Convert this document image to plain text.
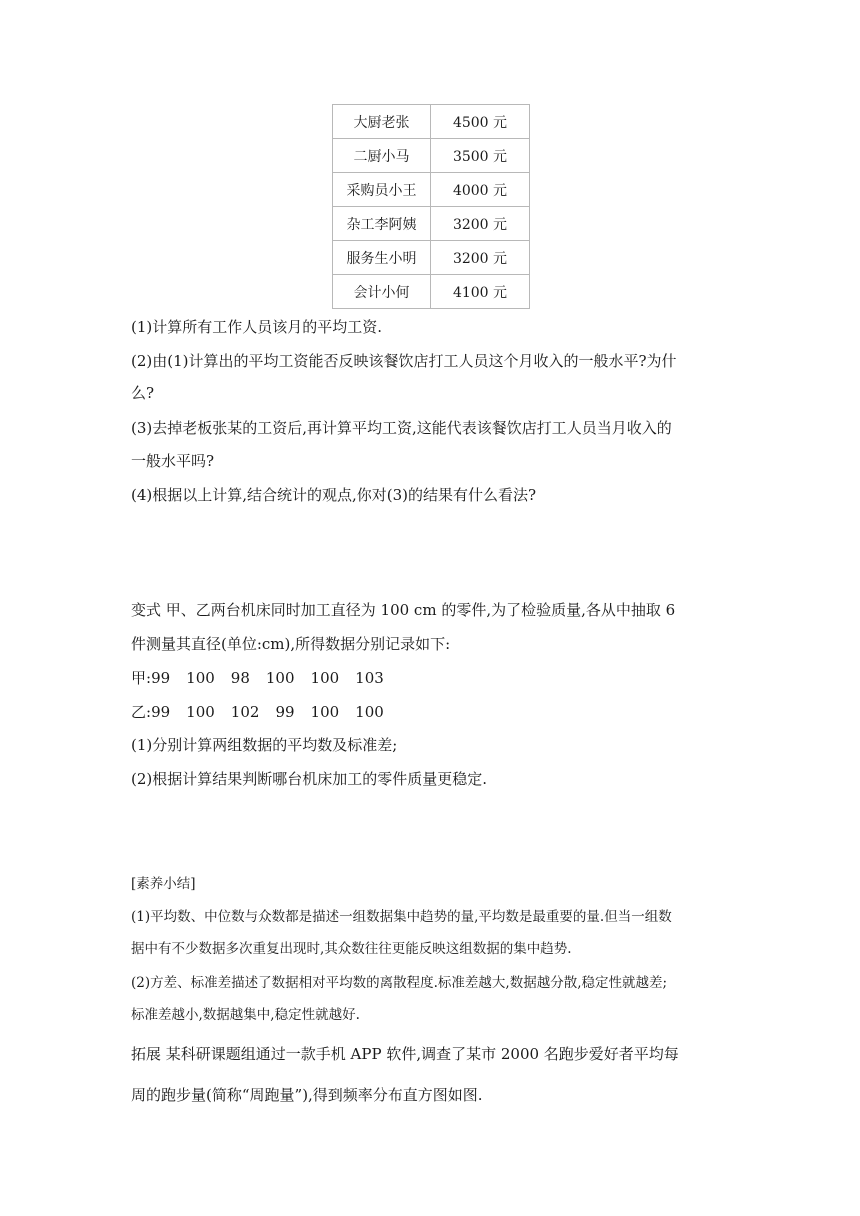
大厨老张	4500 元
二厨小马	3500 元
采购员小王	4000 元
杂工李阿姨	3200 元
服务生小明	3200 元
会计小何	4100 元
(1)计算所有工作人员该月的平均工资.
(2)由(1)计算出的平均工资能否反映该餐饮店打工人员这个月收入的一般水平?为什
么?
(3)去掉老板张某的工资后,再计算平均工资,这能代表该餐饮店打工人员当月收入的
一般水平吗?
(4)根据以上计算,结合统计的观点,你对(3)的结果有什么看法?
变式 甲、乙两台机床同时加工直径为 100 cm 的零件,为了检验质量,各从中抽取 6
件测量其直径(单位:cm),所得数据分别记录如下:
甲:99 100 98 100 100 103
乙:99 100 102 99 100 100
(1)分别计算两组数据的平均数及标准差;
(2)根据计算结果判断哪台机床加工的零件质量更稳定.
[素养小结]
(1)平均数、中位数与众数都是描述一组数据集中趋势的量,平均数是最重要的量.但当一组数
据中有不少数据多次重复出现时,其众数往往更能反映这组数据的集中趋势.
(2)方差、标准差描述了数据相对平均数的离散程度.标准差越大,数据越分散,稳定性就越差;
标准差越小,数据越集中,稳定性就越好.
拓展 某科研课题组通过一款手机 APP 软件,调查了某市 2000 名跑步爱好者平均每
周的跑步量(简称“周跑量”),得到频率分布直方图如图.
